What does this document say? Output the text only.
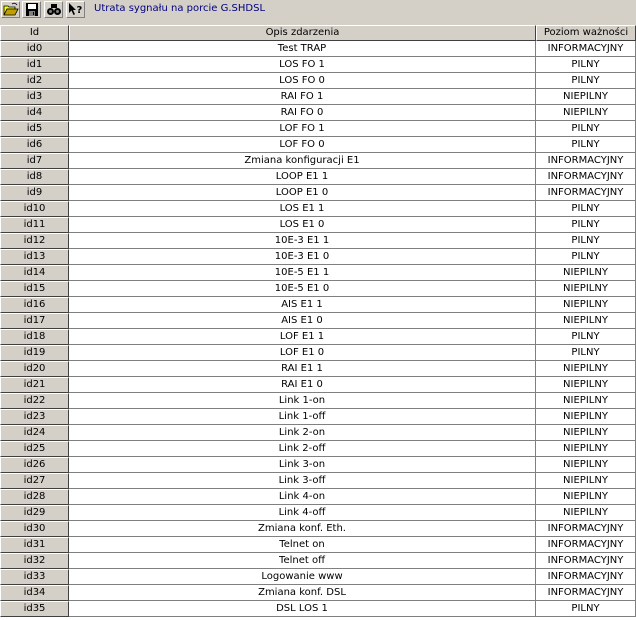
? Utrata sygnału na porcie G.SHDSL
Id	Opis zdarzenia	Poziom ważności
id0	Test TRAP	INFORMACYJNY
id1	LOS FO 1	PILNY
id2	LOS FO 0	PILNY
id3	RAI FO 1	NIEPILNY
id4	RAI FO 0	NIEPILNY
id5	LOF FO 1	PILNY
id6	LOF FO 0	PILNY
id7	Zmiana konfiguracji E1	INFORMACYJNY
id8	LOOP E1 1	INFORMACYJNY
id9	LOOP E1 0	INFORMACYJNY
id10	LOS E1 1	PILNY
id11	LOS E1 0	PILNY
id12	10E-3 E1 1	PILNY
id13	10E-3 E1 0	PILNY
id14	10E-5 E1 1	NIEPILNY
id15	10E-5 E1 0	NIEPILNY
id16	AIS E1 1	NIEPILNY
id17	AIS E1 0	NIEPILNY
id18	LOF E1 1	PILNY
id19	LOF E1 0	PILNY
id20	RAI E1 1	NIEPILNY
id21	RAI E1 0	NIEPILNY
id22	Link 1-on	NIEPILNY
id23	Link 1-off	NIEPILNY
id24	Link 2-on	NIEPILNY
id25	Link 2-off	NIEPILNY
id26	Link 3-on	NIEPILNY
id27	Link 3-off	NIEPILNY
id28	Link 4-on	NIEPILNY
id29	Link 4-off	NIEPILNY
id30	Zmiana konf. Eth.	INFORMACYJNY
id31	Telnet on	INFORMACYJNY
id32	Telnet off	INFORMACYJNY
id33	Logowanie www	INFORMACYJNY
id34	Zmiana konf. DSL	INFORMACYJNY
id35	DSL LOS 1	PILNY
